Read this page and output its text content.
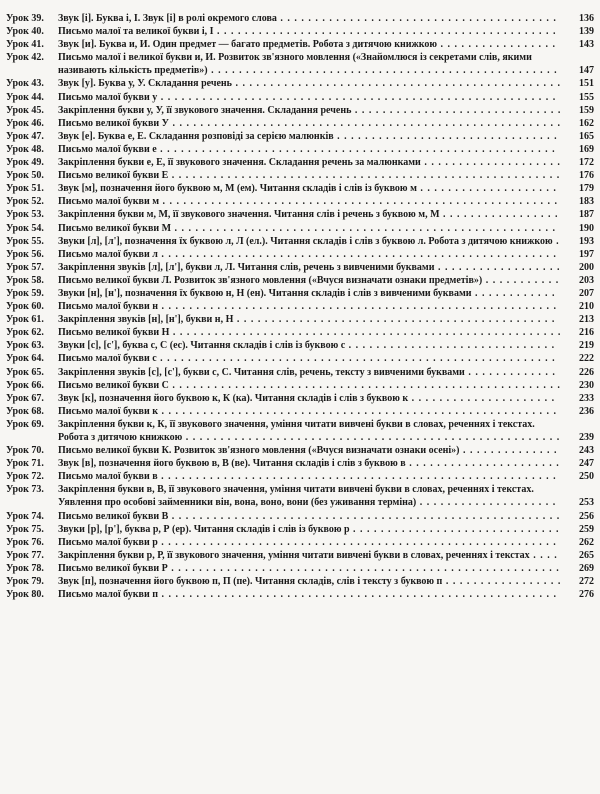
Урок 39.	Звук [і]. Буква і, І. Звук [і] в ролі окремого слова . . . . . . . . . . . . . . . . . . . . . . . . . . . . . . . . . . . . . . . . 136
Урок 40.	Письмо малої та великої букви і, І . . . . . . . . . . . . . . . . . . . . . . . . . . . . . . . . . . . . . . . . . . . . . . . . . 139
Урок 41.	Звук [и]. Буква и, И. Один предмет — багато предметів. Робота з дитячою книжкою . . . . . . . . . . . . . . . . . 143
Урок 42.	Письмо малої і великої букви и, И. Розвиток зв'язного мовлення («Знайомлюся із секретами слів, якими називають кількість предметів») . . . . . . . . . . . . . . . . . . . . . . . . . . . . . . . . . . . . . . . . . . . . . . . . . . 147
Урок 43.	Звук [у]. Буква у, У. Складання речень . . . . . . . . . . . . . . . . . . . . . . . . . . . . . . . . . . . . . . . . . . . . . . . 151
Урок 44.	Письмо малої букви у . . . . . . . . . . . . . . . . . . . . . . . . . . . . . . . . . . . . . . . . . . . . . . . . . . . . . . . . . 155
Урок 45.	Закріплення букви у, У, її звукового значення. Складання речень . . . . . . . . . . . . . . . . . . . . . . . . . . . . . . 159
Урок 46.	Письмо великої букви У . . . . . . . . . . . . . . . . . . . . . . . . . . . . . . . . . . . . . . . . . . . . . . . . . . . . . . . . 162
Урок 47.	Звук [е]. Буква е, Е. Складання розповіді за серією малюнків . . . . . . . . . . . . . . . . . . . . . . . . . . . . . . . . 165
Урок 48.	Письмо малої букви е . . . . . . . . . . . . . . . . . . . . . . . . . . . . . . . . . . . . . . . . . . . . . . . . . . . . . . . . . 169
Урок 49.	Закріплення букви е, Е, її звукового значення. Складання речень за малюнками . . . . . . . . . . . . . . . . . . . . 172
Урок 50.	Письмо великої букви Е . . . . . . . . . . . . . . . . . . . . . . . . . . . . . . . . . . . . . . . . . . . . . . . . . . . . . . . . 176
Урок 51.	Звук [м], позначення його буквою м, М (ем). Читання складів і слів із буквою м . . . . . . . . . . . . . . . . . . . . 179
Урок 52.	Письмо малої букви м . . . . . . . . . . . . . . . . . . . . . . . . . . . . . . . . . . . . . . . . . . . . . . . . . . . . . . . . . 183
Урок 53.	Закріплення букви м, М, її звукового значення. Читання слів і речень з буквою м, М . . . . . . . . . . . . . . . . . 187
Урок 54.	Письмо великої букви М . . . . . . . . . . . . . . . . . . . . . . . . . . . . . . . . . . . . . . . . . . . . . . . . . . . . . . . 190
Урок 55.	Звуки [л], [л'], позначення їх буквою л, Л (ел.). Читання складів і слів з буквою л. Робота з дитячою книжкою . 193
Урок 56.	Письмо малої букви л . . . . . . . . . . . . . . . . . . . . . . . . . . . . . . . . . . . . . . . . . . . . . . . . . . . . . . . . . 197
Урок 57.	Закріплення звуків [л], [л'], букви л, Л. Читання слів, речень з вивченими буквами . . . . . . . . . . . . . . . . . . 200
Урок 58.	Письмо великої букви Л. Розвиток зв'язного мовлення («Вчуся визначати ознаки предметів») . . . . . . . . . . . 203
Урок 59.	Звуки [н], [н'], позначення їх буквою н, Н (ен). Читання складів і слів з вивченими буквами . . . . . . . . . . . . 207
Урок 60.	Письмо малої букви н . . . . . . . . . . . . . . . . . . . . . . . . . . . . . . . . . . . . . . . . . . . . . . . . . . . . . . . . . 210
Урок 61.	Закріплення звуків [н], [н'], букви н, Н . . . . . . . . . . . . . . . . . . . . . . . . . . . . . . . . . . . . . . . . . . . . . . 213
Урок 62.	Письмо великої букви Н . . . . . . . . . . . . . . . . . . . . . . . . . . . . . . . . . . . . . . . . . . . . . . . . . . . . . . . . 216
Урок 63.	Звуки [с], [с'], буква с, С (ес). Читання складів і слів із буквою с . . . . . . . . . . . . . . . . . . . . . . . . . . . . . . 219
Урок 64.	Письмо малої букви с . . . . . . . . . . . . . . . . . . . . . . . . . . . . . . . . . . . . . . . . . . . . . . . . . . . . . . . . . 222
Урок 65.	Закріплення звуків [с], [с'], букви с, С. Читання слів, речень, тексту з вивченими буквами . . . . . . . . . . . . . 226
Урок 66.	Письмо великої букви С . . . . . . . . . . . . . . . . . . . . . . . . . . . . . . . . . . . . . . . . . . . . . . . . . . . . . . . . 230
Урок 67.	Звук [к], позначення його буквою к, К (ка). Читання складів і слів з буквою к . . . . . . . . . . . . . . . . . . . . . 233
Урок 68.	Письмо малої букви к . . . . . . . . . . . . . . . . . . . . . . . . . . . . . . . . . . . . . . . . . . . . . . . . . . . . . . . . . 236
Урок 69.	Закріплення букви к, К, її звукового значення, уміння читати вивчені букви в словах, реченнях і текстах. Робота з дитячою книжкою . . . . . . . . . . . . . . . . . . . . . . . . . . . . . . . . . . . . . . . . . . . . . . . . . . . . . . 239
Урок 70.	Письмо великої букви К. Розвиток зв'язного мовлення («Вчуся визначати ознаки осені») . . . . . . . . . . . . . . 243
Урок 71.	Звук [в], позначення його буквою в, В (ве). Читання складів і слів з буквою в . . . . . . . . . . . . . . . . . . . . . . 247
Урок 72.	Письмо малої букви в . . . . . . . . . . . . . . . . . . . . . . . . . . . . . . . . . . . . . . . . . . . . . . . . . . . . . . . . . 250
Урок 73.	Закріплення букви в, В, її звукового значення, уміння читати вивчені букви в словах, реченнях і текстах. Уявлення про особові займенники він, вона, воно, вони (без уживання терміна) . . . . . . . . . . . . . . . . . . . . 253
Урок 74.	Письмо великої букви В . . . . . . . . . . . . . . . . . . . . . . . . . . . . . . . . . . . . . . . . . . . . . . . . . . . . . . . . 256
Урок 75.	Звуки [р], [р'], буква р, Р (ер). Читання складів і слів із буквою р . . . . . . . . . . . . . . . . . . . . . . . . . . . . . . 259
Урок 76.	Письмо малої букви р . . . . . . . . . . . . . . . . . . . . . . . . . . . . . . . . . . . . . . . . . . . . . . . . . . . . . . . . . 262
Урок 77.	Закріплення букви р, Р, її звукового значення, уміння читати вивчені букви в словах, реченнях і текстах . . . . 265
Урок 78.	Письмо великої букви Р . . . . . . . . . . . . . . . . . . . . . . . . . . . . . . . . . . . . . . . . . . . . . . . . . . . . . . . . 269
Урок 79.	Звук [п], позначення його буквою п, П (пе). Читання складів, слів і тексту з буквою п . . . . . . . . . . . . . . . . . 272
Урок 80.	Письмо малої букви п . . . . . . . . . . . . . . . . . . . . . . . . . . . . . . . . . . . . . . . . . . . . . . . . . . . . . . . . . 276
